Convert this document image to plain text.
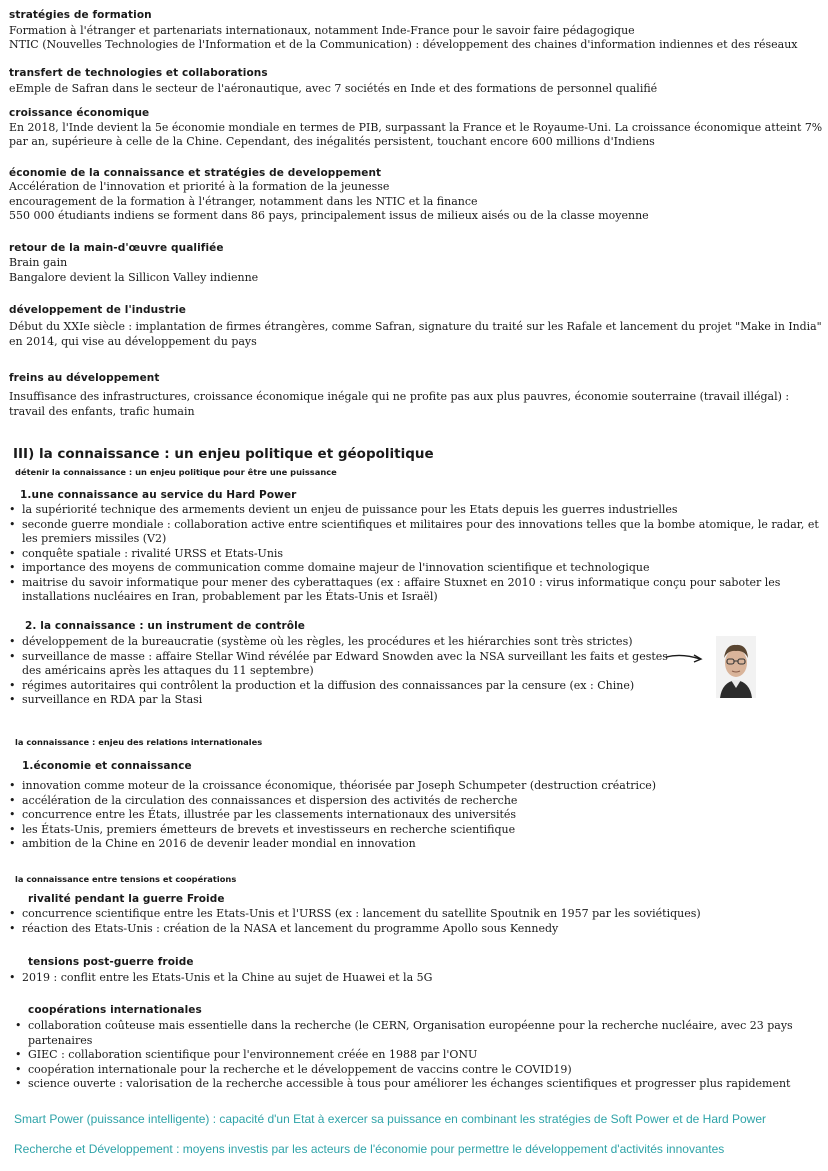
stratégies de formation
Formation à l'étranger et partenariats internationaux, notamment Inde-France pour le savoir faire pédagogique
NTIC (Nouvelles Technologies de l'Information et de la Communication) : développement des chaines d'information indiennes et des réseaux
transfert de technologies et collaborations
eEmple de Safran dans le secteur de l'aéronautique, avec 7 sociétés en Inde et des formations de personnel qualifié
croissance économique
En 2018, l'Inde devient la 5e économie mondiale en termes de PIB, surpassant la France et le Royaume-Uni. La croissance économique atteint 7%
par an, supérieure à celle de la Chine. Cependant, des inégalités persistent, touchant encore 600 millions d'Indiens
économie de la connaissance et stratégies de developpement
Accélération de l'innovation et priorité à la formation de la jeunesse
encouragement de la formation à l'étranger, notamment dans les NTIC et la finance
550 000 étudiants indiens se forment dans 86 pays, principalement issus de milieux aisés ou de la classe moyenne
retour de la main-d'œuvre qualifiée
Brain gain
Bangalore devient la Sillicon Valley indienne
développement de l'industrie
Début du XXIe siècle : implantation de firmes étrangères, comme Safran, signature du traité sur les Rafale et lancement du projet "Make in India"
en 2014, qui vise au développement du pays
freins au développement
Insuffisance des infrastructures, croissance économique inégale qui ne profite pas aux plus pauvres, économie souterraine (travail illégal) :
travail des enfants, trafic humain
III) la connaissance : un enjeu politique et géopolitique
détenir la connaissance : un enjeu politique pour être une puissance
1.une connaissance au service du Hard Power
• la supériorité technique des armements devient un enjeu de puissance pour les Etats depuis les guerres industrielles
• seconde guerre mondiale : collaboration active entre scientifiques et militaires pour des innovations telles que la bombe atomique, le radar, et
les premiers missiles (V2)
• conquête spatiale : rivalité URSS et Etats-Unis
• importance des moyens de communication comme domaine majeur de l'innovation scientifique et technologique
• maitrise du savoir informatique pour mener des cyberattaques (ex : affaire Stuxnet en 2010 : virus informatique conçu pour saboter les
installations nucléaires en Iran, probablement par les États-Unis et Israël)
2. la connaissance : un instrument de contrôle
• développement de la bureaucratie (système où les règles, les procédures et les hiérarchies sont très strictes)
• surveillance de masse : affaire Stellar Wind révélée par Edward Snowden avec la NSA surveillant les faits et gestes
des américains après les attaques du 11 septembre)
• régimes autoritaires qui contrôlent la production et la diffusion des connaissances par la censure (ex : Chine)
• surveillance en RDA par la Stasi
la connaissance : enjeu des relations internationales
1.économie et connaissance
• innovation comme moteur de la croissance économique, théorisée par Joseph Schumpeter (destruction créatrice)
• accélération de la circulation des connaissances et dispersion des activités de recherche
• concurrence entre les États, illustrée par les classements internationaux des universités
• les États-Unis, premiers émetteurs de brevets et investisseurs en recherche scientifique
• ambition de la Chine en 2016 de devenir leader mondial en innovation
la connaissance entre tensions et coopérations
rivalité pendant la guerre Froide
• concurrence scientifique entre les Etats-Unis et l'URSS (ex : lancement du satellite Spoutnik en 1957 par les soviétiques)
• réaction des Etats-Unis : création de la NASA et lancement du programme Apollo sous Kennedy
tensions post-guerre froide
• 2019 : conflit entre les Etats-Unis et la Chine au sujet de Huawei et la 5G
coopérations internationales
• collaboration coûteuse mais essentielle dans la recherche (le CERN, Organisation européenne pour la recherche nucléaire, avec 23 pays
partenaires
• GIEC : collaboration scientifique pour l'environnement créée en 1988 par l'ONU
• coopération internationale pour la recherche et le développement de vaccins contre le COVID19)
• science ouverte : valorisation de la recherche accessible à tous pour améliorer les échanges scientifiques et progresser plus rapidement
Smart Power (puissance intelligente) : capacité d'un Etat à exercer sa puissance en combinant les stratégies de Soft Power et de Hard Power
Recherche et Développement : moyens investis par les acteurs de l'économie pour permettre le développement d'activités innovantes
